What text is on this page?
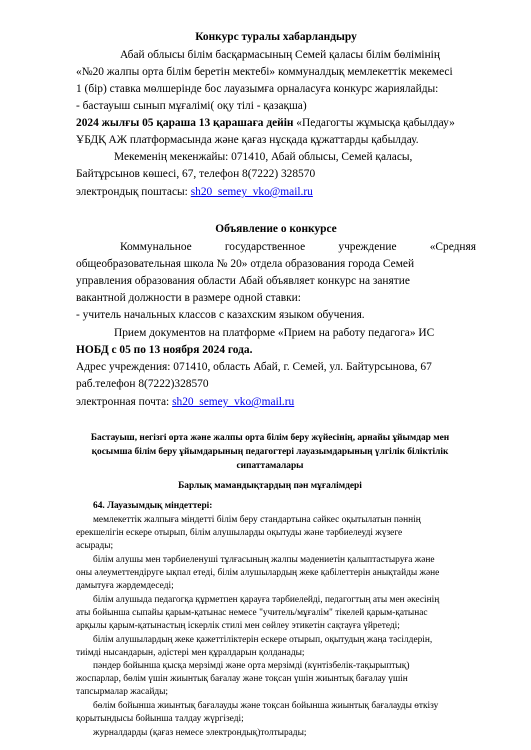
Конкурс туралы хабарландыру
Абай облысы білім басқармасының Семей қаласы білім бөлімінің
«№20 жалпы орта білім беретін мектебі» коммуналдық мемлекеттік мекемесі
1 (бір) ставка мөлшерінде бос лауазымға орналасуға конкурс жариялайды:
- бастауыш сынып мұғалімі( оқу тілі - қазақша)
2024 жылғы 05 қараша 13 қарашаға дейін «Педагогты жұмысқа қабылдау»
ҰБДҚ АЖ платформасында және қағаз нұсқада құжаттарды қабылдау.
Мекеменің мекенжайы: 071410, Абай облысы, Семей қаласы,
Байтұрсынов көшесі, 67, телефон 8(7222) 328570
электрондық поштасы: sh20_semey_vko@mail.ru
Объявление о конкурсе
Коммунальное	государственное	учреждение	«Средняя
общеобразовательная школа № 20» отдела образования города Семей
управления образования области Абай объявляет конкурс на занятие
вакантной должности в размере одной ставки:
- учитель начальных классов с казахским языком обучения.
Прием документов на платформе «Прием на работу педагога» ИС
НОБД с 05 по 13 ноября 2024 года.
Адрес учреждения: 071410, область Абай, г. Семей, ул. Байтурсынова, 67
раб.телефон 8(7222)328570
электронная почта: sh20_semey_vko@mail.ru
Бастауыш, негізгі орта және жалпы орта білім беру жүйесінің, арнайы ұйымдар мен
қосымша білім беру ұйымдарының педагогтері лауазымдарының үлгілік біліктілік
сипаттамалары
Барлық мамандықтардың пән мұғалімдері
64. Лауазымдық міндеттері:
мемлекеттік жалпыға міндетті білім беру стандартына сәйкес оқытылатын пәннің
ерекшелігін ескере отырып, білім алушыларды оқытуды және тәрбиелеуді жүзеге
асырады;
білім алушы мен тәрбиеленуші тұлғасының жалпы мәдениетін қалыптастыруға және
оны әлеуметтендіруге ықпал етеді, білім алушылардың жеке қабілеттерін анықтайды және
дамытуға жәрдемдеседі;
білім алушыда педагогқа құрметпен қарауға тәрбиелейді, педагогтың аты мен әкесінің
аты бойынша сыпайы қарым-қатынас немесе "учитель/мұғалім" тікелей қарым-қатынас
арқылы қарым-қатынастың іскерлік стилі мен сөйлеу этикетін сақтауға үйретеді;
білім алушылардың жеке қажеттіліктерін ескере отырып, оқытудың жаңа тәсілдерін,
тиімді нысандарын, әдістері мен құралдарын қолданады;
пәндер бойынша қысқа мерзімді және орта мерзімді (күнтізбелік-тақырыптық)
жоспарлар, бөлім үшін жиынтық бағалау және тоқсан үшін жиынтық бағалау үшін
тапсырмалар жасайды;
бөлім бойынша жиынтық бағалауды және тоқсан бойынша жиынтық бағалауды өткізу
қорытындысы бойынша талдау жүргізеді;
журналдарды (қағаз немесе электрондық)толтырады;
